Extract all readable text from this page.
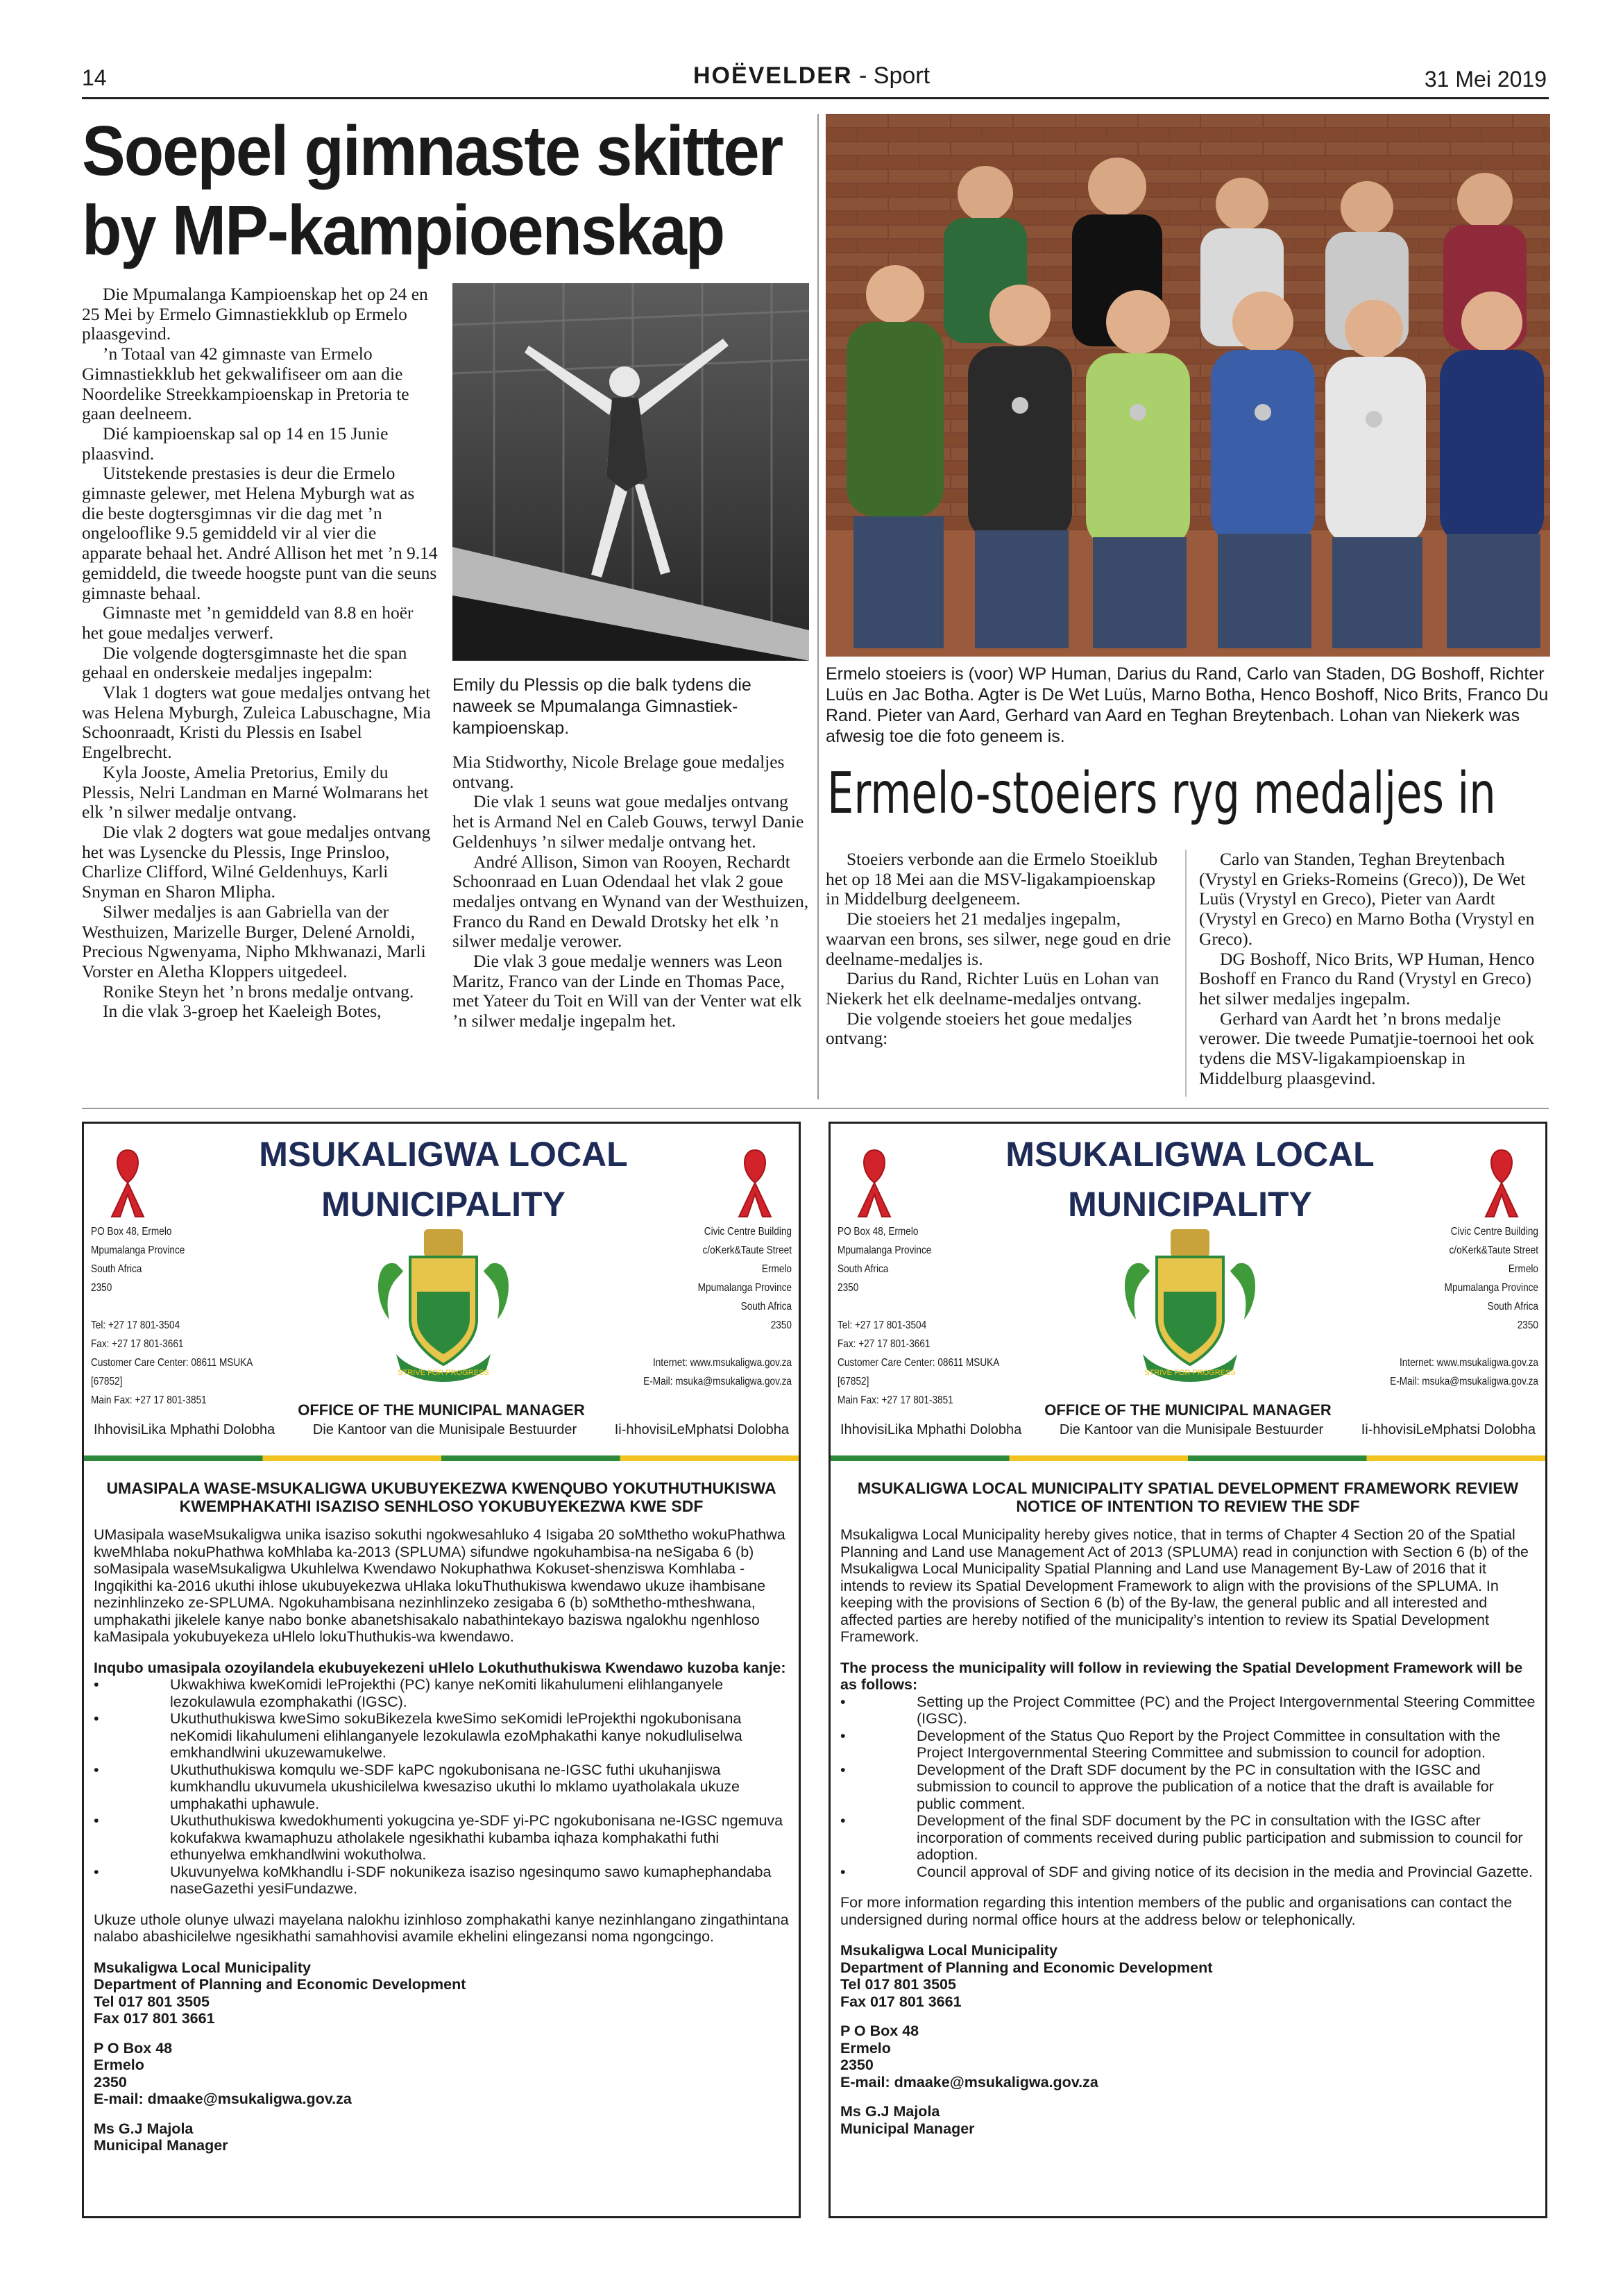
14	HOËVELDER - Sport	31 Mei 2019
Soepel gimnaste skitter by MP-kampioenskap

Die Mpumalanga Kampioenskap het op 24 en 25 Mei by Ermelo Gimnastiekklub op Ermelo plaasgevind.

’n Totaal van 42 gimnaste van Ermelo Gimnastiekklub het gekwalifiseer om aan die Noordelike Streekkampioenskap in Pretoria te gaan deelneem.

Dié kampioenskap sal op 14 en 15 Junie plaasvind.

Uitstekende prestasies is deur die Ermelo gimnaste gelewer, met Helena Myburgh wat as die beste dogtersgimnas vir die dag met ’n ongelooflike 9.5 gemiddeld vir al vier die apparate behaal het. André Allison het met ’n 9.14 gemiddeld, die tweede hoogste punt van die seuns gimnaste behaal.

Gimnaste met ’n gemiddeld van 8.8 en hoër het goue medaljes verwerf.

Die volgende dogtersgimnaste het die span gehaal en onderskeie medaljes ingepalm:

Vlak 1 dogters wat goue medaljes ontvang het was Helena Myburgh, Zuleica Labuschagne, Mia Schoonraadt, Kristi du Plessis en Isabel Engelbrecht.

Kyla Jooste, Amelia Pretorius, Emily du Plessis, Nelri Landman en Marné Wolmarans het elk ’n silwer medalje ontvang.

Die vlak 2 dogters wat goue medaljes ontvang het was Lysencke du Plessis, Inge Prinsloo, Charlize Clifford, Wilné Geldenhuys, Karli Snyman en Sharon Mlipha.

Silwer medaljes is aan Gabriella van der Westhuizen, Marizelle Burger, Delené Arnoldi, Precious Ngwenyama, Nipho Mkhwanazi, Marli Vorster en Aletha Kloppers uitgedeel.

Ronike Steyn het ’n brons medalje ontvang.

In die vlak 3-groep het Kaeleigh Botes,

Emily du Plessis op die balk tydens die naweek se Mpumalanga Gimnastiek-kampioenskap.

Mia Stidworthy, Nicole Brelage goue medaljes ontvang.

Die vlak 1 seuns wat goue medaljes ontvang het is Armand Nel en Caleb Gouws, terwyl Danie Geldenhuys ’n silwer medalje ontvang het.

André Allison, Simon van Rooyen, Rechardt Schoonraad en Luan Odendaal het vlak 2 goue medaljes ontvang en Wynand van der Westhuizen, Franco du Rand en Dewald Drotsky het elk ’n silwer medalje verower.

Die vlak 3 goue medalje wenners was Leon Maritz, Franco van der Linde en Thomas Pace, met Yateer du Toit en Will van der Venter wat elk ’n silwer medalje ingepalm het.

Ermelo stoeiers is (voor) WP Human, Darius du Rand, Carlo van Staden, DG Boshoff, Richter Luüs en Jac Botha. Agter is De Wet Luüs, Marno Botha, Henco Boshoff, Nico Brits, Franco Du Rand. Pieter van Aard, Gerhard van Aard en Teghan Breytenbach. Lohan van Niekerk was afwesig toe die foto geneem is.
Ermelo-stoeiers ryg medaljes in

Stoeiers verbonde aan die Ermelo Stoeiklub het op 18 Mei aan die MSV-ligakampioenskap in Middelburg deelgeneem.

Die stoeiers het 21 medaljes ingepalm, waarvan een brons, ses silwer, nege goud en drie deelname-medaljes is.

Darius du Rand, Richter Luüs en Lohan van Niekerk het elk deelname-medaljes ontvang.

Die volgende stoeiers het goue medaljes ontvang:

Carlo van Standen, Teghan Breytenbach (Vrystyl en Grieks-Romeins (Greco)), De Wet Luüs (Vrystyl en Greco), Pieter van Aardt (Vrystyl en Greco) en Marno Botha (Vrystyl en Greco).

DG Boshoff, Nico Brits, WP Human, Henco Boshoff en Franco du Rand (Vrystyl en Greco) het silwer medaljes ingepalm.

Gerhard van Aardt het ’n brons medalje verower. Die tweede Pumatjie-toernooi het ook tydens die MSV-ligakampioenskap in Middelburg plaasgevind.

MSUKALIGWA LOCAL
MUNICIPALITY
PO Box 48, Ermelo
Mpumalanga Province
South Africa
2350
Tel: +27 17 801-3504
Fax: +27 17 801-3661
Customer Care Center: 08611 MSUKA [67852]
Main Fax: +27 17 801-3851
STRIVE FOR PROGRESS
Civic Centre Building
c/oKerk&Taute Street
Ermelo
Mpumalanga Province
South Africa
2350
Internet: www.msukaligwa.gov.za
E-Mail: msuka@msukaligwa.gov.za
OFFICE OF THE MUNICIPAL MANAGER
IhhovisiLika Mphathi Dolobha	Die Kantoor van die Munisipale Bestuurder	Ii-hhovisiLeMphatsi Dolobha
UMASIPALA WASE-MSUKALIGWA UKUBUYEKEZWA KWENQUBO YOKUTHUTHUKISWA KWEMPHAKATHI ISAZISO SENHLOSO YOKUBUYEKEZWA KWE SDF

UMasipala waseMsukaligwa unika isaziso sokuthi ngokwesahluko 4 Isigaba 20 soMthetho wokuPhathwa kweMhlaba nokuPhathwa koMhlaba ka-2013 (SPLUMA) sifundwe ngokuhambisa-na neSigaba 6 (b) soMasipala waseMsukaligwa Ukuhlelwa Kwendawo Nokuphathwa Kokuset-shenziswa Komhlaba -Ingqikithi ka-2016 ukuthi ihlose ukubuyekezwa uHlaka lokuThuthukiswa kwendawo ukuze ihambisane nezinhlinzeko ze-SPLUMA. Ngokuhambisana nezinhlinzeko zesigaba 6 (b) soMthetho-mtheshwana, umphakathi jikelele kanye nabo bonke abanetshisakalo nabathintekayo baziswa ngalokhu ngenhloso kaMasipala yokubuyekeza uHlelo lokuThuthukis-wa kwendawo.

Inqubo umasipala ozoyilandela ekubuyekezeni uHlelo Lokuthuthukiswa Kwendawo kuzoba kanje:
• Ukwakhiwa kweKomidi leProjekthi (PC) kanye neKomiti likahulumeni elihlanganyele lezokulawula ezomphakathi (IGSC).
• Ukuthuthukiswa kweSimo sokuBikezela kweSimo seKomidi leProjekthi ngokubonisana neKomidi likahulumeni elihlanganyele lezokulawla ezoMphakathi kanye nokudluliselwa emkhandlwini ukuzewamukelwe.
• Ukuthuthukiswa komqulu we-SDF kaPC ngokubonisana ne-IGSC futhi ukuhanjiswa kumkhandlu ukuvumela ukushicilelwa kwesaziso ukuthi lo mklamo uyatholakala ukuze umphakathi uphawule.
• Ukuthuthukiswa kwedokhumenti yokugcina ye-SDF yi-PC ngokubonisana ne-IGSC ngemuva kokufakwa kwamaphuzu atholakele ngesikhathi kubamba iqhaza komphakathi futhi ethunyelwa emkhandlwini wokutholwa.
• Ukuvunyelwa koMkhandlu i-SDF nokunikeza isaziso ngesinqumo sawo kumaphephandaba naseGazethi yesiFundazwe.

Ukuze uthole olunye ulwazi mayelana nalokhu izinhloso zomphakathi kanye nezinhlangano zingathintana nalabo abashicilelwe ngesikhathi samahhovisi avamile ekhelini elingezansi noma ngongcingo.

Msukaligwa Local Municipality
Department of Planning and Economic Development
Tel 017 801 3505
Fax 017 801 3661
P O Box 48
Ermelo
2350
E-mail: dmaake@msukaligwa.gov.za
Ms G.J Majola
Municipal Manager
MSUKALIGWA LOCAL
MUNICIPALITY
PO Box 48, Ermelo
Mpumalanga Province
South Africa
2350
Tel: +27 17 801-3504
Fax: +27 17 801-3661
Customer Care Center: 08611 MSUKA [67852]
Main Fax: +27 17 801-3851
STRIVE FOR PROGRESS
Civic Centre Building
c/oKerk&Taute Street
Ermelo
Mpumalanga Province
South Africa
2350
Internet: www.msukaligwa.gov.za
E-Mail: msuka@msukaligwa.gov.za
OFFICE OF THE MUNICIPAL MANAGER
IhhovisiLika Mphathi Dolobha	Die Kantoor van die Munisipale Bestuurder	Ii-hhovisiLeMphatsi Dolobha
MSUKALIGWA LOCAL MUNICIPALITY SPATIAL DEVELOPMENT FRAMEWORK REVIEW NOTICE OF INTENTION TO REVIEW THE SDF

Msukaligwa Local Municipality hereby gives notice, that in terms of Chapter 4 Section 20 of the Spatial Planning and Land use Management Act of 2013 (SPLUMA) read in conjunction with Section 6 (b) of the Msukaligwa Local Municipality Spatial Planning and Land use Management By-Law of 2016 that it intends to review its Spatial Development Framework to align with the provisions of the SPLUMA. In keeping with the provisions of Section 6 (b) of the By-law, the general public and all interested and affected parties are hereby notified of the municipality’s intention to review its Spatial Development Framework.

The process the municipality will follow in reviewing the Spatial Development Framework will be as follows:
• Setting up the Project Committee (PC) and the Project Intergovernmental Steering Committee (IGSC).
• Development of the Status Quo Report by the Project Committee in consultation with the Project Intergovernmental Steering Committee and submission to council for adoption.
• Development of the Draft SDF document by the PC in consultation with the IGSC and submission to council to approve the publication of a notice that the draft is available for public comment.
• Development of the final SDF document by the PC in consultation with the IGSC after incorporation of comments received during public participation and submission to council for adoption.
• Council approval of SDF and giving notice of its decision in the media and Provincial Gazette.

For more information regarding this intention members of the public and organisations can contact the undersigned during normal office hours at the address below or telephonically.

Msukaligwa Local Municipality
Department of Planning and Economic Development
Tel 017 801 3505
Fax 017 801 3661
P O Box 48
Ermelo
2350
E-mail: dmaake@msukaligwa.gov.za
Ms G.J Majola
Municipal Manager
